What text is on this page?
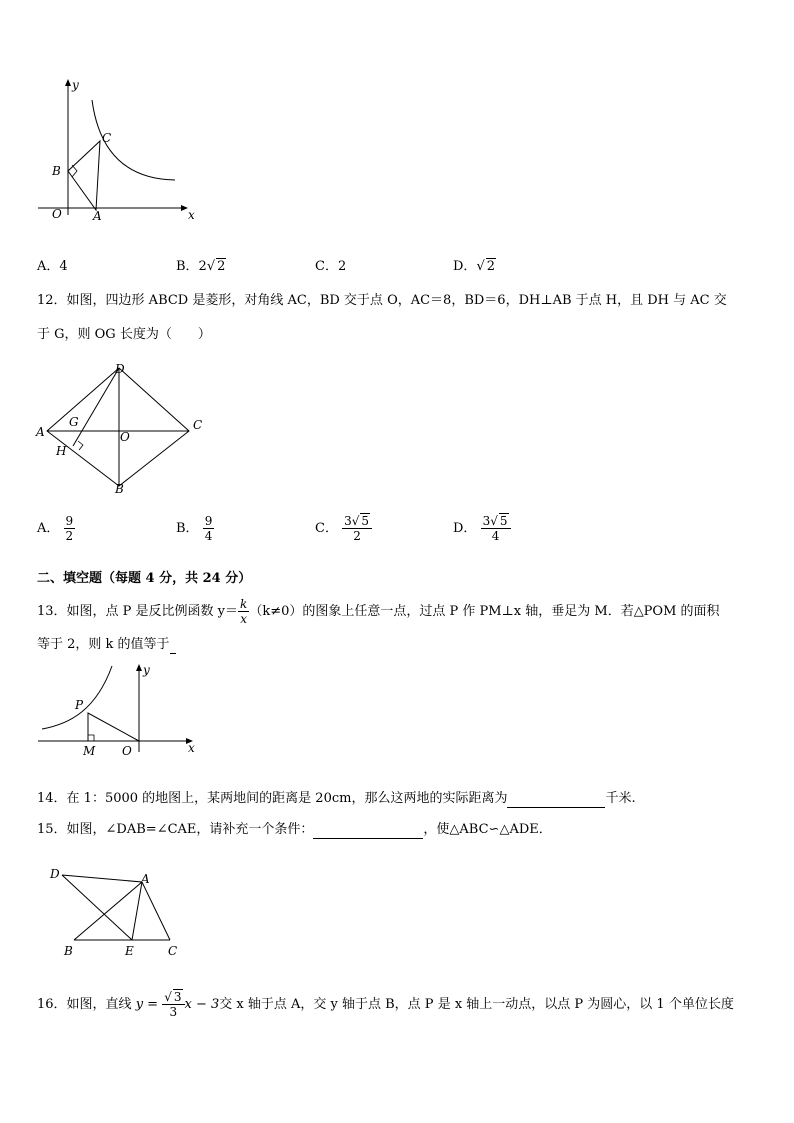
y
C
B
O	A	x
A．4	B．2√ 2	C．2	D．√ 2
12．如图，四边形 ABCD 是菱形，对角线 AC，BD 交于点 O，AC＝8，BD＝6，DH⊥AB 于点 H，且 DH 与 AC 交
于 G，则 OG 长度为（　　）
D
A
G
O
C
H
B
A． $\frac{9}{2}$	B． $\frac{9}{4}$	C． $\frac{3√ 5}{2}$	D． $\frac{3√ 5}{4}$
二、填空题（每题 4 分，共 24 分）
13．如图，点 P 是反比例函数 $y= \frac{k}{x} (k\ne 0)$的图象上任意一点，过点 P 作 PM⊥x 轴，垂足为 M．若△POM 的面积
等于 2，则 k 的值等于
y
P
M O	x
14．在 1：5000 的地图上，某两地间的距离是 20cm，那么这两地的实际距离为	千米.
15．如图，∠DAB=∠CAE，请补充一个条件：	，使△ABC∽△ADE．
D	A
B	E	C
16．如图，直线 $y = \frac{√ 3}{3}$ x − 3交 x 轴于点 A，交 y 轴于点 B，点 P 是 x 轴上一动点，以点 P 为圆心，以 1 个单位长度
